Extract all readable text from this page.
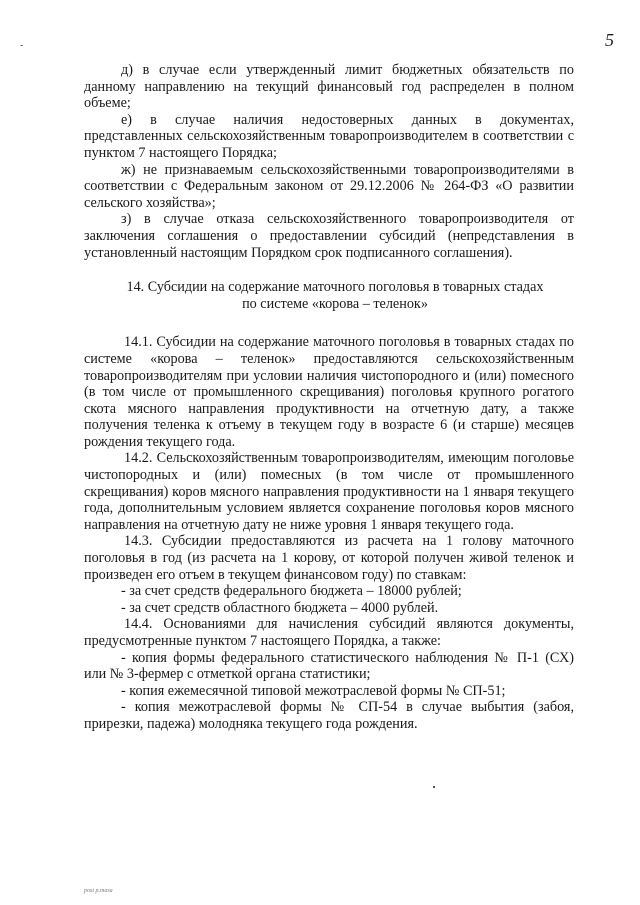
-	5
д) в случае если утвержденный лимит бюджетных обязательств по данному направлению на текущий финансовый год распределен в полном объеме;
е) в случае наличия недостоверных данных в документах, представленных сельскохозяйственным товаропроизводителем в соответствии с пунктом 7 настоящего Порядка;
ж) не признаваемым сельскохозяйственными товаропроизводителями в соответствии с Федеральным законом от 29.12.2006 № 264-ФЗ «О развитии сельского хозяйства»;
з) в случае отказа сельскохозяйственного товаропроизводителя от заключения соглашения о предоставлении субсидий (непредставления в установленный настоящим Порядком срок подписанного соглашения).
14. Субсидии на содержание маточного поголовья в товарных стадах
по системе «корова – теленок»
14.1. Субсидии на содержание маточного поголовья в товарных стадах по системе «корова – теленок» предоставляются сельскохозяйственным товаропроизводителям при условии наличия чистопородного и (или) помесного (в том числе от промышленного скрещивания) поголовья крупного рогатого скота мясного направления продуктивности на отчетную дату, а также получения теленка к отъему в текущем году в возрасте 6 (и старше) месяцев рождения текущего года.
14.2. Сельскохозяйственным товаропроизводителям, имеющим поголовье чистопородных и (или) помесных (в том числе от промышленного скрещивания) коров мясного направления продуктивности на 1 января текущего года, дополнительным условием является сохранение поголовья коров мясного направления на отчетную дату не ниже уровня 1 января текущего года.
14.3. Субсидии предоставляются из расчета на 1 голову маточного поголовья в год (из расчета на 1 корову, от которой получен живой теленок и произведен его отъем в текущем финансовом году) по ставкам:
- за счет средств федерального бюджета – 18000 рублей;
- за счет средств областного бюджета – 4000 рублей.
14.4. Основаниями для начисления субсидий являются документы, предусмотренные пунктом 7 настоящего Порядка, а также:
- копия формы федерального статистического наблюдения № П-1 (СХ) или № 3-фермер с отметкой органа статистики;
- копия ежемесячной типовой межотраслевой формы № СП-51;
- копия межотраслевой формы № СП-54 в случае выбытия (забоя, прирезки, падежа) молодняка текущего года рождения.
post p.masa
